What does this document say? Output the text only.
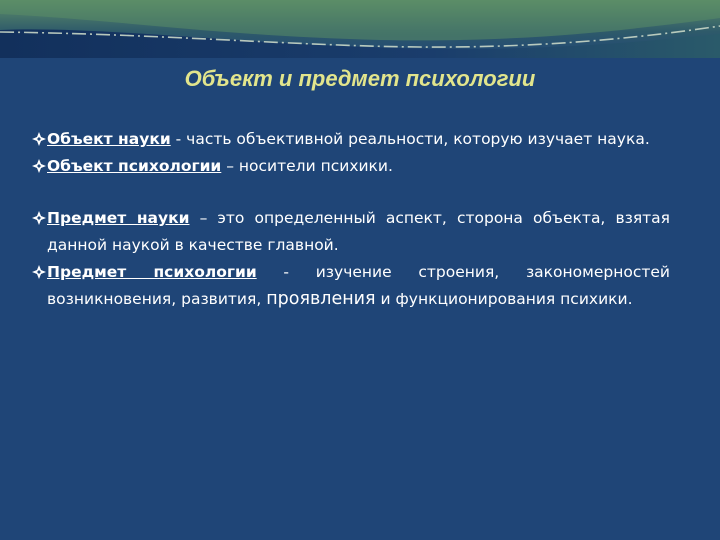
Объект и предмет психологии

Объект науки - часть объективной реальности, которую изучает наука.

Объект психологии – носители психики.

Предмет науки – это определенный аспект, сторона объекта, взятая данной наукой в качестве главной.

Предмет психологии - изучение строения, закономерностей возникновения, развития, проявления и функционирования психики.
